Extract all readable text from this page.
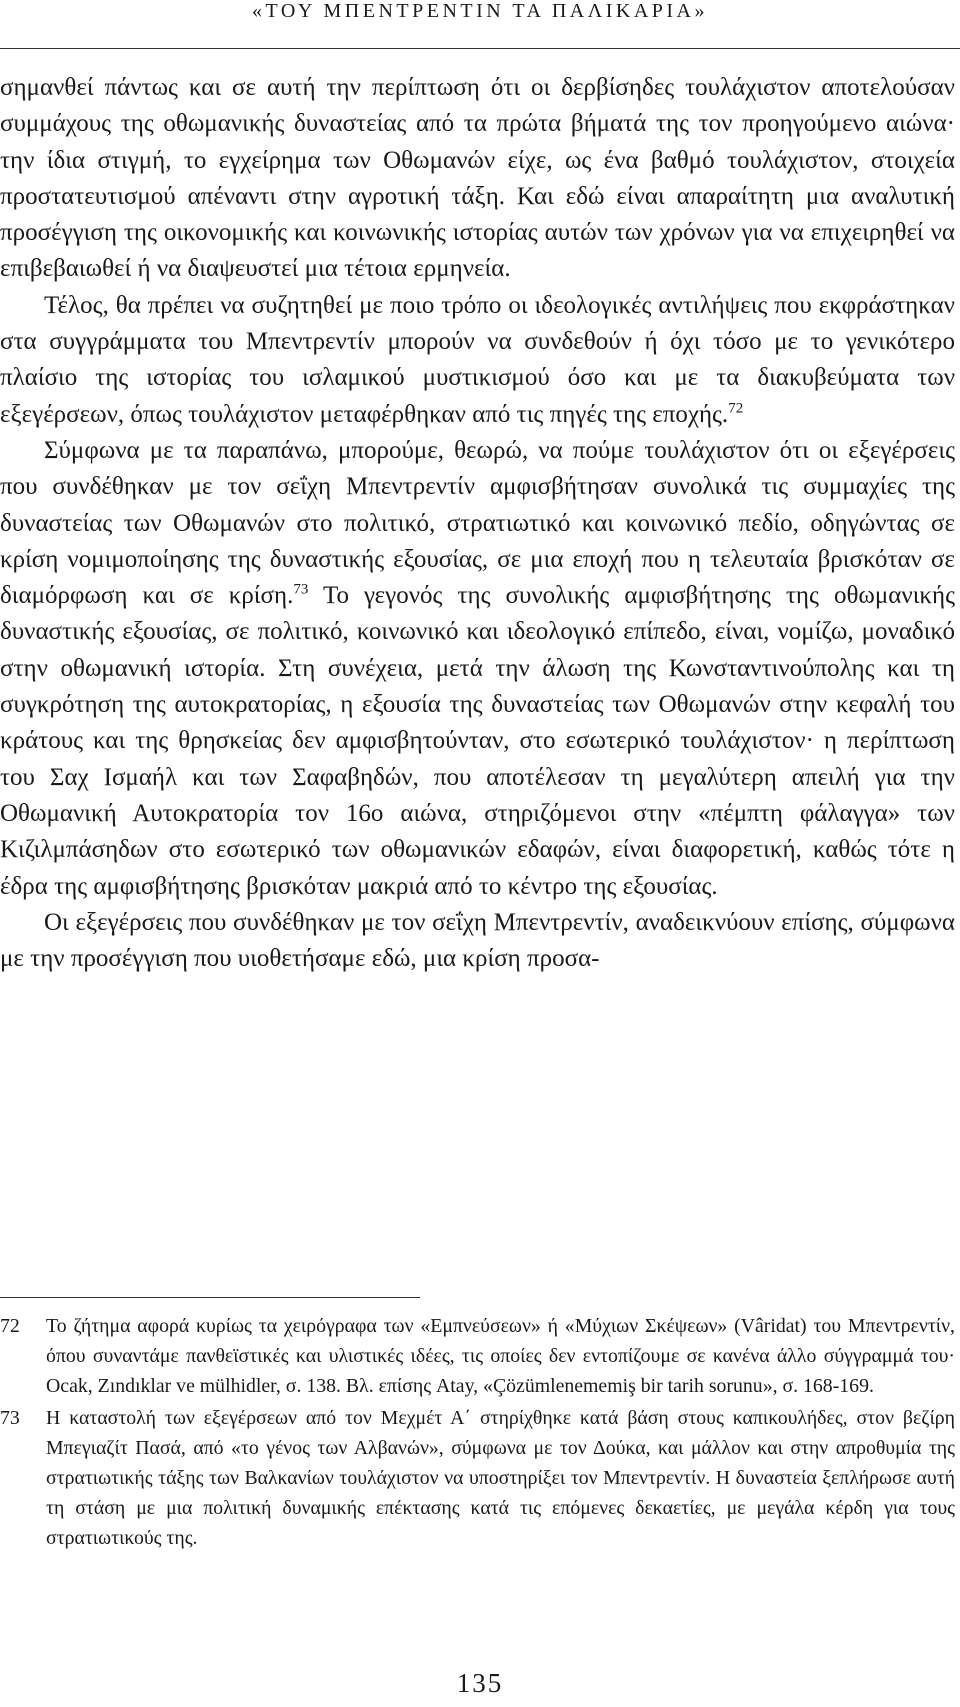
«ΤΟΥ ΜΠΕΝΤΡΕΝΤΙΝ ΤΑ ΠΑΛΙΚΑΡΙΑ»

σημανθεί πάντως και σε αυτή την περίπτωση ότι οι δερβίσηδες τουλάχιστον αποτελούσαν συμμάχους της οθωμανικής δυναστείας από τα πρώτα βήματά της τον προηγούμενο αιώνα· την ίδια στιγμή, το εγχείρημα των Οθωμανών είχε, ως ένα βαθμό τουλάχιστον, στοιχεία προστατευτισμού απέναντι στην αγροτική τάξη. Και εδώ είναι απαραίτητη μια αναλυτική προσέγγιση της οικονομικής και κοινωνικής ιστορίας αυτών των χρόνων για να επιχειρηθεί να επιβεβαιωθεί ή να διαψευστεί μια τέτοια ερμηνεία.

Τέλος, θα πρέπει να συζητηθεί με ποιο τρόπο οι ιδεολογικές αντιλήψεις που εκφράστηκαν στα συγγράμματα του Μπεντρεντίν μπορούν να συνδεθούν ή όχι τόσο με το γενικότερο πλαίσιο της ιστορίας του ισλαμικού μυστικισμού όσο και με τα διακυβεύματα των εξεγέρσεων, όπως τουλάχιστον μεταφέρθηκαν από τις πηγές της εποχής.$^{72}$

Σύμφωνα με τα παραπάνω, μπορούμε, θεωρώ, να πούμε τουλάχιστον ότι οι εξεγέρσεις που συνδέθηκαν με τον σεΐχη Μπεντρεντίν αμφισβήτησαν συνολικά τις συμμαχίες της δυναστείας των Οθωμανών στο πολιτικό, στρατιωτικό και κοινωνικό πεδίο, οδηγώντας σε κρίση νομιμοποίησης της δυναστικής εξουσίας, σε μια εποχή που η τελευταία βρισκόταν σε διαμόρφωση και σε κρίση.$^{73}$ Το γεγονός της συνολικής αμφισβήτησης της οθωμανικής δυναστικής εξουσίας, σε πολιτικό, κοινωνικό και ιδεολογικό επίπεδο, είναι, νομίζω, μοναδικό στην οθωμανική ιστορία. Στη συνέχεια, μετά την άλωση της Κωνσταντινούπολης και τη συγκρότηση της αυτοκρατορίας, η εξουσία της δυναστείας των Οθωμανών στην κεφαλή του κράτους και της θρησκείας δεν αμφισβητούνταν, στο εσωτερικό τουλάχιστον· η περίπτωση του Σαχ Ισμαήλ και των Σαφαβηδών, που αποτέλεσαν τη μεγαλύτερη απειλή για την Οθωμανική Αυτοκρατορία τον 16ο αιώνα, στηριζόμενοι στην «πέμπτη φάλαγγα» των Κιζιλμπάσηδων στο εσωτερικό των οθωμανικών εδαφών, είναι διαφορετική, καθώς τότε η έδρα της αμφισβήτησης βρισκόταν μακριά από το κέντρο της εξουσίας.

Οι εξεγέρσεις που συνδέθηκαν με τον σεΐχη Μπεντρεντίν, αναδεικνύουν επίσης, σύμφωνα με την προσέγγιση που υιοθετήσαμε εδώ, μια κρίση προσα-

72 Το ζήτημα αφορά κυρίως τα χειρόγραφα των «Εμπνεύσεων» ή «Μύχιων Σκέψεων» (Vâridat) του Μπεντρεντίν, όπου συναντάμε πανθεϊστικές και υλιστικές ιδέες, τις οποίες δεν εντοπίζουμε σε κανένα άλλο σύγγραμμά του· Ocak, Zındıklar ve mülhidler, σ. 138. Βλ. επίσης Atay, «Çözümlenememiş bir tarih sorunu», σ. 168-169.
73 Η καταστολή των εξεγέρσεων από τον Μεχμέτ Α΄ στηρίχθηκε κατά βάση στους καπικουλήδες, στον βεζίρη Μπεγιαζίτ Πασά, από «το γένος των Αλβανών», σύμφωνα με τον Δούκα, και μάλλον και στην απροθυμία της στρατιωτικής τάξης των Βαλκανίων τουλάχιστον να υποστηρίξει τον Μπεντρεντίν. Η δυναστεία ξεπλήρωσε αυτή τη στάση με μια πολιτική δυναμικής επέκτασης κατά τις επόμενες δεκαετίες, με μεγάλα κέρδη για τους στρατιωτικούς της.
135
